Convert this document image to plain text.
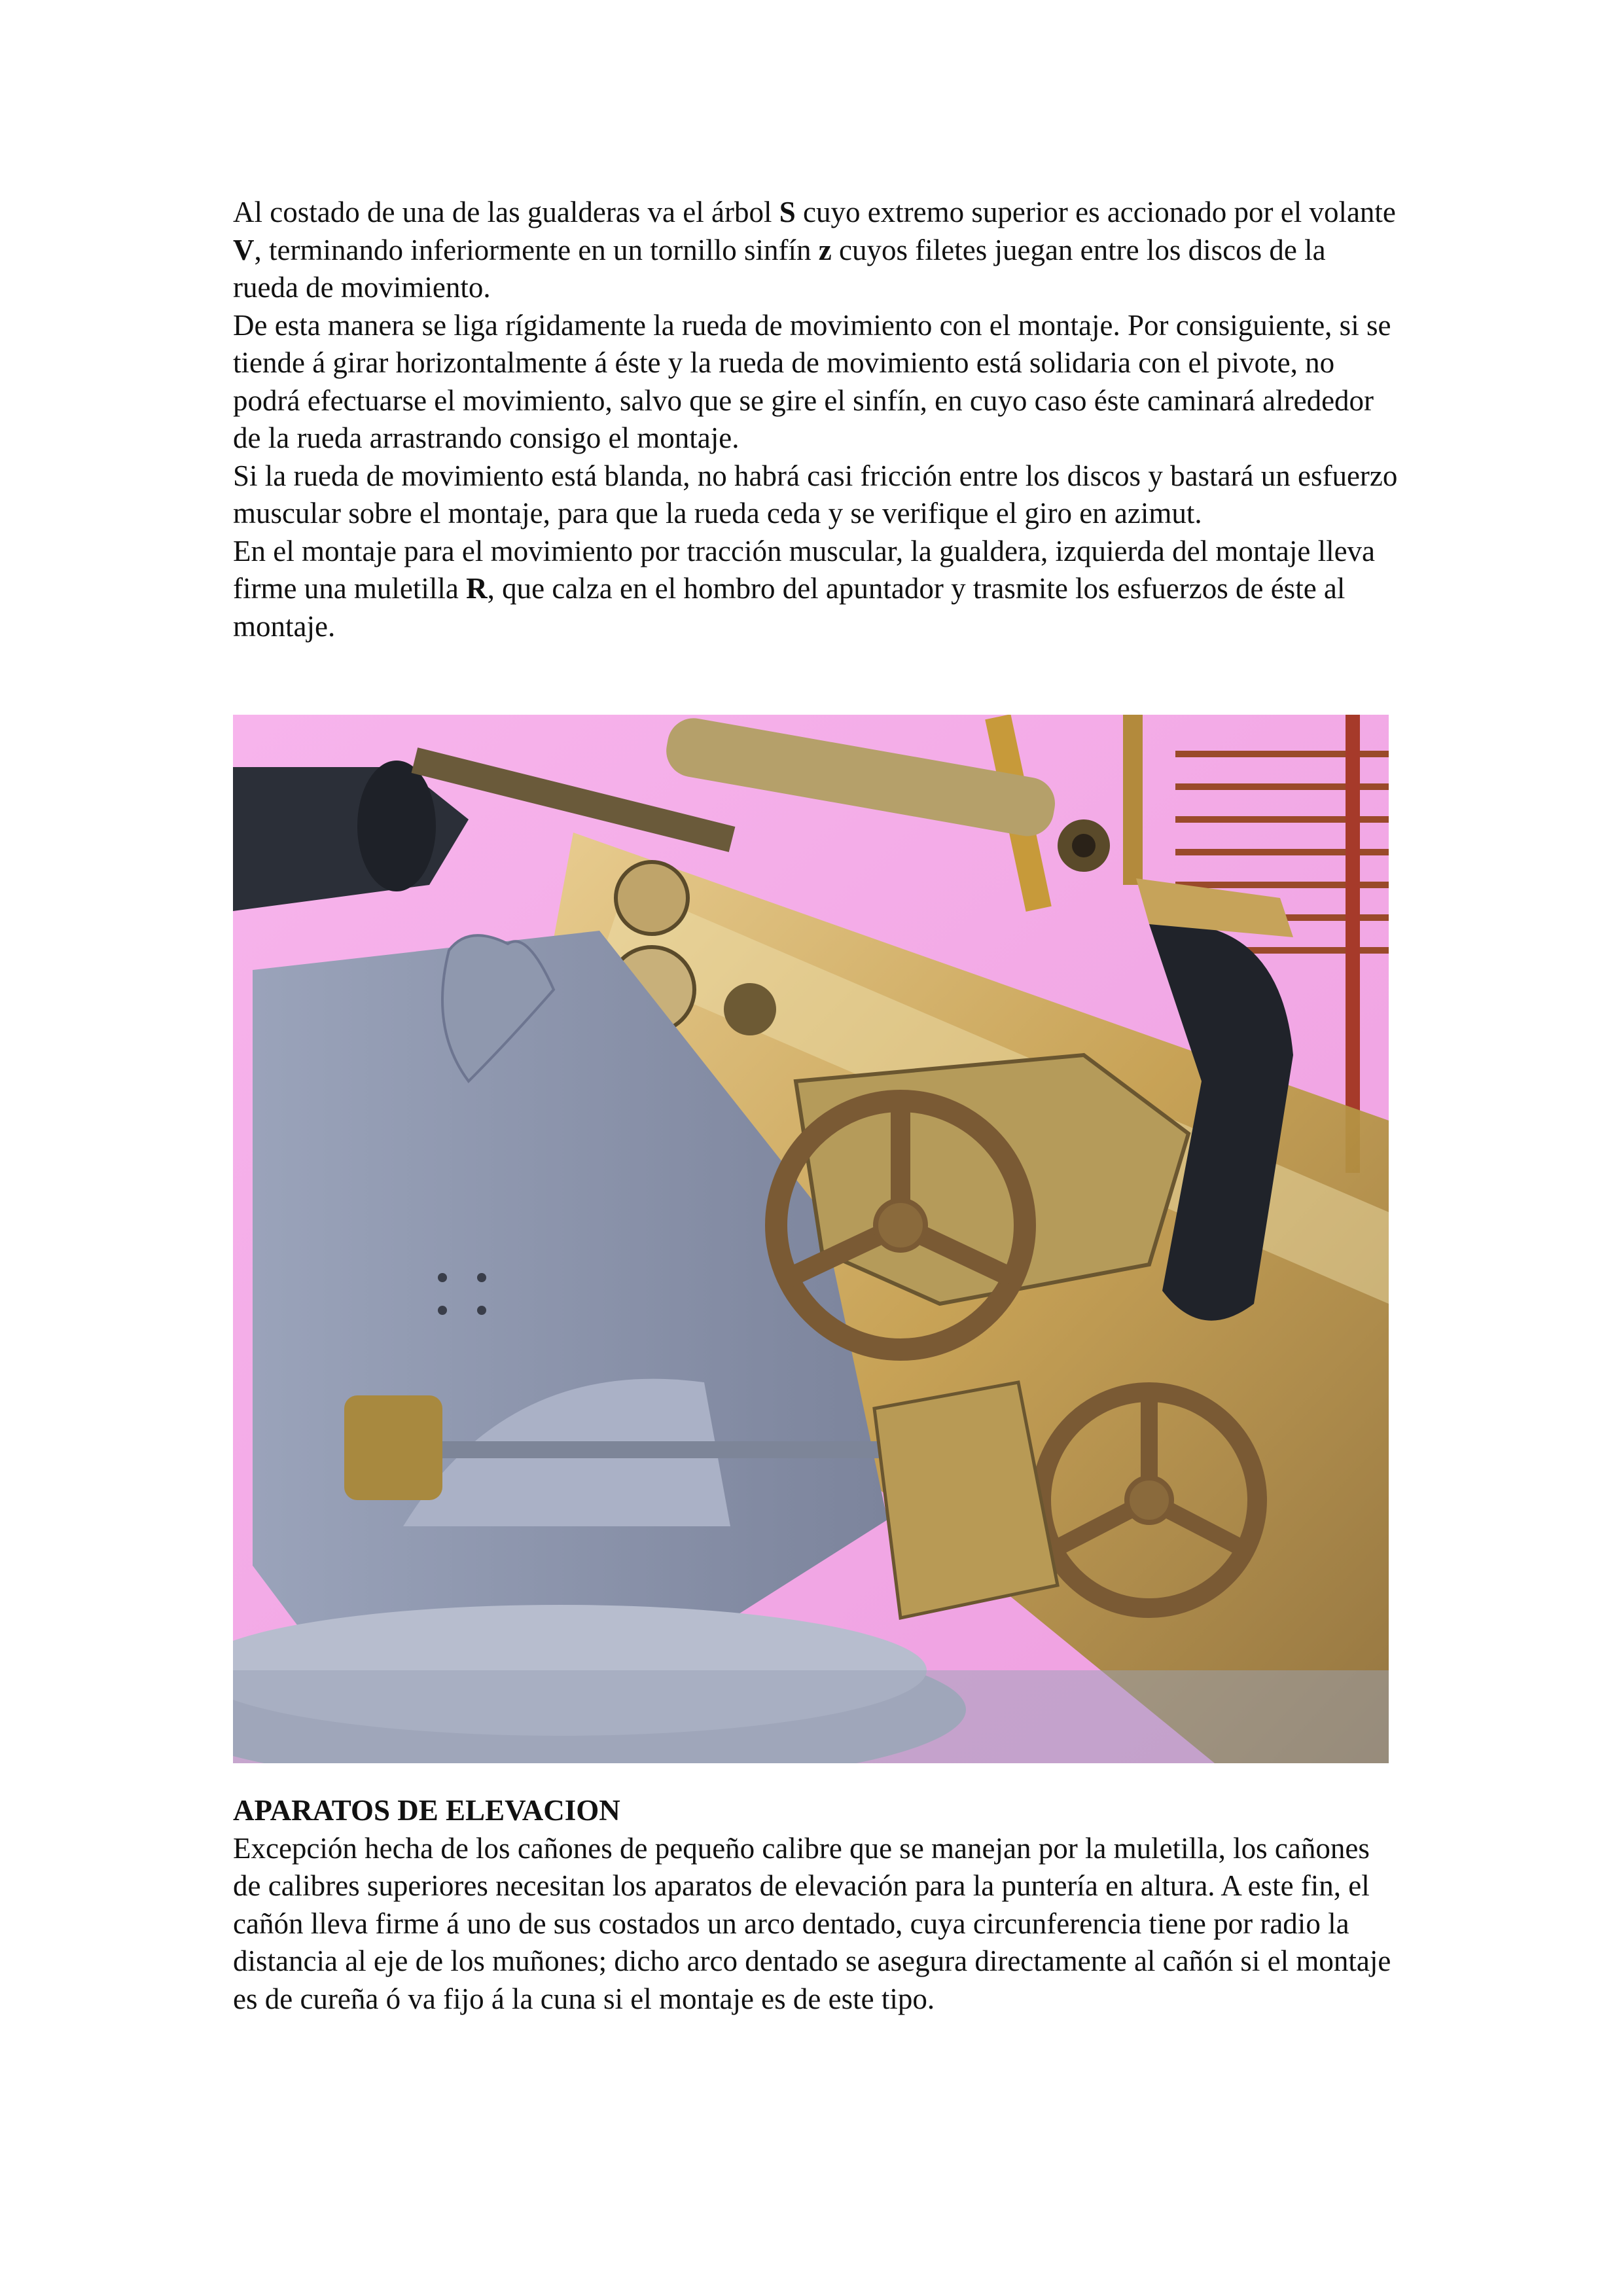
Al costado de una de las gualderas va el árbol S cuyo extremo superior es accionado por el volante V, terminando inferiormente en un tornillo sinfín z cuyos filetes juegan entre los discos de la rueda de movimiento.

De esta manera se liga rígidamente la rueda de movimiento con el montaje. Por consiguiente, si se tiende á girar horizontalmente á éste y la rueda de movimiento está solidaria con el pivote, no podrá efectuarse el movimiento, salvo que se gire el sinfín, en cuyo caso éste caminará alrededor de la rueda arrastrando consigo el montaje.

Si la rueda de movimiento está blanda, no habrá casi fricción entre los discos y bastará un esfuerzo muscular sobre el montaje, para que la rueda ceda y se verifique el giro en azimut.

En el montaje para el movimiento por tracción muscular, la gualdera, izquierda del montaje lleva firme una muletilla R, que calza en el hombro del apuntador y trasmite los esfuerzos de éste al montaje.

APARATOS DE ELEVACION

Excepción hecha de los cañones de pequeño calibre que se manejan por la muletilla, los cañones de calibres superiores necesitan los aparatos de elevación para la puntería en altura. A este fin, el cañón lleva firme á uno de sus costados un arco dentado, cuya circunferencia tiene por radio la distancia al eje de los muñones; dicho arco dentado se asegura directamente al cañón si el montaje es de cureña ó va fijo á la cuna si el montaje es de este tipo.
